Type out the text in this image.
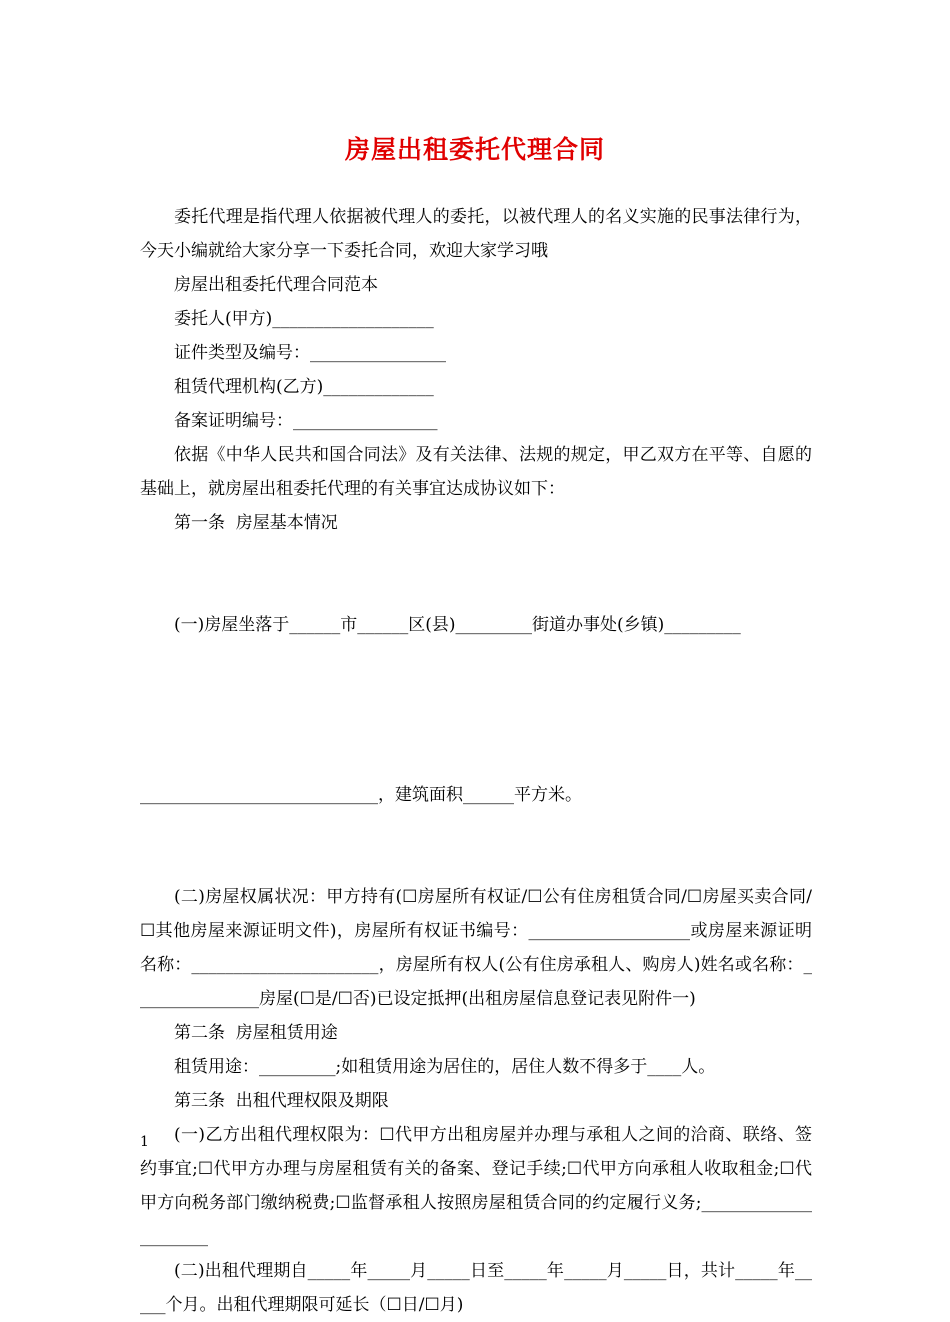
房屋出租委托代理合同

委托代理是指代理人依据被代理人的委托，以被代理人的名义实施的民事法律行为，今天小编就给大家分享一下委托合同，欢迎大家学习哦

房屋出租委托代理合同范本

委托人(甲方)___________________

证件类型及编号：________________

租赁代理机构(乙方)_____________

备案证明编号：_________________

依据《中华人民共和国合同法》及有关法律、法规的规定，甲乙双方在平等、自愿的基础上，就房屋出租委托代理的有关事宜达成协议如下：

第一条  房屋基本情况

(一)房屋坐落于______市______区(县)_________街道办事处(乡镇)_________

____________________________，建筑面积______平方米。

(二)房屋权属状况：甲方持有(☐房屋所有权证/☐公有住房租赁合同/☐房屋买卖合同/☐其他房屋来源证明文件)，房屋所有权证书编号：___________________或房屋来源证明名称：______________________，房屋所有权人(公有住房承租人、购房人)姓名或名称：_______________房屋(☐是/☐否)已设定抵押(出租房屋信息登记表见附件一)

第二条  房屋租赁用途

租赁用途：_________;如租赁用途为居住的，居住人数不得多于____人。

第三条  出租代理权限及期限

(一)乙方出租代理权限为：☐代甲方出租房屋并办理与承租人之间的洽商、联络、签约事宜;☐代甲方办理与房屋租赁有关的备案、登记手续;☐代甲方向承租人收取租金;☐代甲方向税务部门缴纳税费;☐监督承租人按照房屋租赁合同的约定履行义务;_____________________

(二)出租代理期自_____年_____月_____日至_____年_____月_____日，共计_____年_____个月。出租代理期限可延长（☐日/☐月)

1
